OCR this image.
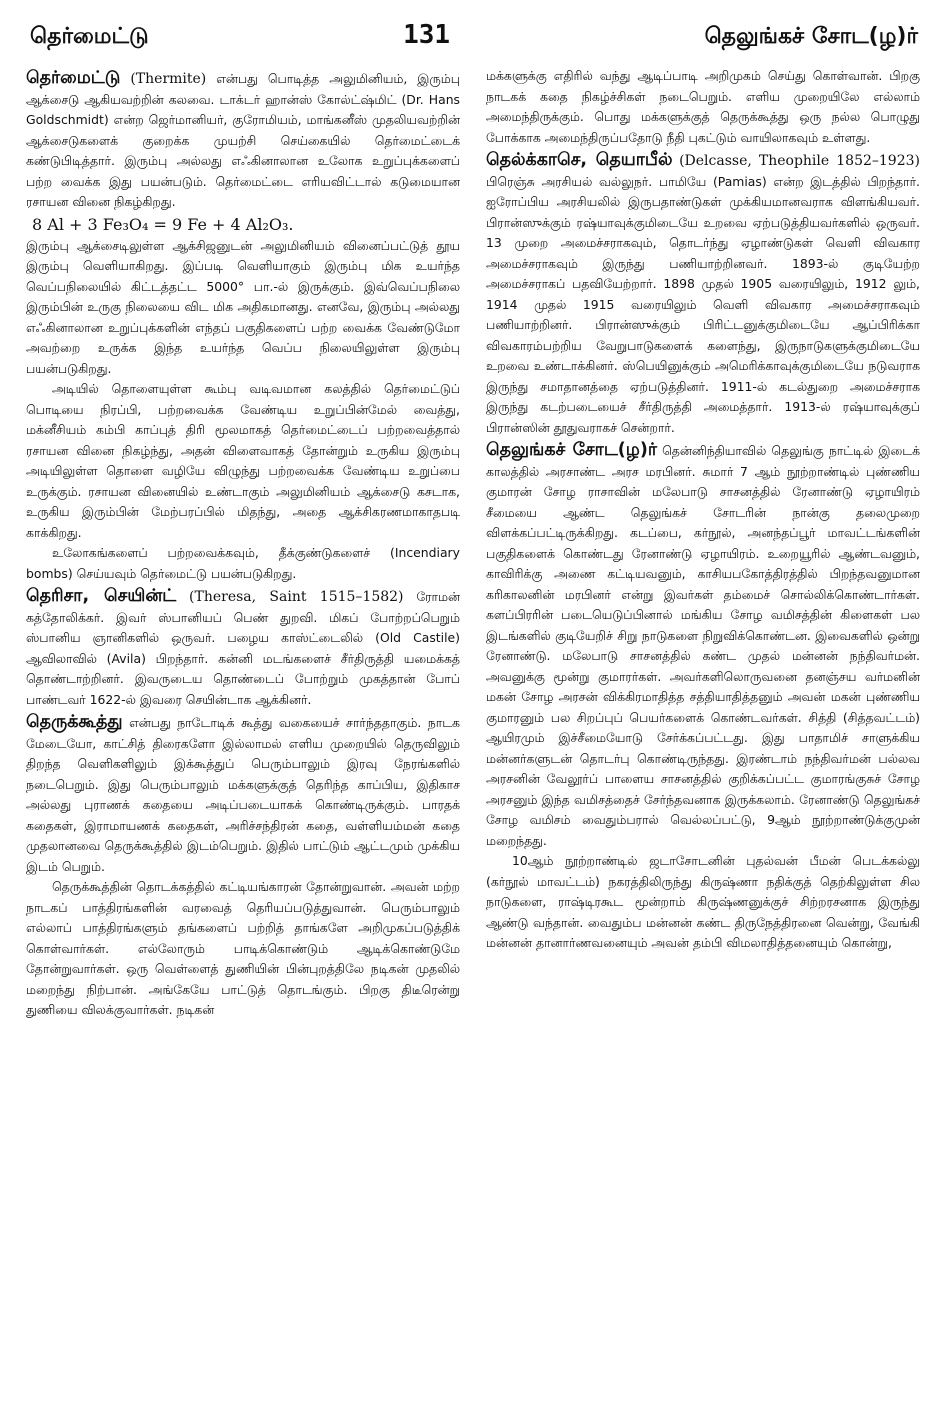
தெர்மைட்டு	131	தெலுங்கச் சோட(ழ)ர்

தெர்மைட்டு (Thermite) என்பது பொடித்த அலுமினியம், இரும்பு ஆக்சைடு ஆகியவற்றின் கலவை. டாக்டர் ஹான்ஸ் கோல்ட்ஷ்மிட் (Dr. Hans Goldschmidt) என்ற ஜெர்மானியர், குரோமியம், மாங்கனீஸ் முதலியவற்றின் ஆக்சைடுகளைக் குறைக்க முயற்சி செய்கையில் தெர்மைட்டைக் கண்டுபிடித்தார். இரும்பு அல்லது எஃகினாலான உலோக உறுப்புக்களைப் பற்ற வைக்க இது பயன்படும். தெர்மைட்டை எரியவிட்டால் கடுமையான ரசாயன வினை நிகழ்கிறது.

8 Al + 3 Fe₃O₄ = 9 Fe + 4 Al₂O₃.

இரும்பு ஆக்சைடிலுள்ள ஆக்சிஜனுடன் அலுமினியம் வினைப்பட்டுத் தூய இரும்பு வெளியாகிறது. இப்படி வெளியாகும் இரும்பு மிக உயர்ந்த வெப்பநிலையில் கிட்டத்தட்ட 5000° பா.-ல் இருக்கும். இவ்வெப்பநிலை இரும்பின் உருகு நிலையை விட மிக அதிகமானது. எனவே, இரும்பு அல்லது எஃகினாலான உறுப்புக்களின் எந்தப் பகுதிகளைப் பற்ற வைக்க வேண்டுமோ அவற்றை உருக்க இந்த உயர்ந்த வெப்ப நிலையிலுள்ள இரும்பு பயன்படுகிறது.

அடியில் தொளையுள்ள கூம்பு வடிவமான கலத்தில் தெர்மைட்டுப் பொடியை நிரப்பி, பற்றவைக்க வேண்டிய உறுப்பின்மேல் வைத்து, மக்னீசியம் கம்பி காப்புத் திரி மூலமாகத் தெர்மைட்டைப் பற்றவைத்தால் ரசாயன வினை நிகழ்ந்து, அதன் விளைவாகத் தோன்றும் உருகிய இரும்பு அடியிலுள்ள தொளை வழியே விழுந்து பற்றவைக்க வேண்டிய உறுப்பை உருக்கும். ரசாயன வினையில் உண்டாகும் அலுமினியம் ஆக்சைடு கசடாக, உருகிய இரும்பின் மேற்பரப்பில் மிதந்து, அதை ஆக்சிகரணமாகாதபடி காக்கிறது.

உலோகங்களைப் பற்றவைக்கவும், தீக்குண்டுகளைச் (Incendiary bombs) செய்யவும் தெர்மைட்டு பயன்படுகிறது.

தெரிசா, செயின்ட் (Theresa, Saint 1515–1582) ரோமன் கத்தோலிக்கர். இவர் ஸ்பானியப் பெண் துறவி. மிகப் போற்றப்பெறும் ஸ்பானிய ஞானிகளில் ஒருவர். பழைய காஸ்ட்டைலில் (Old Castile) ஆவிலாவில் (Avila) பிறந்தார். கன்னி மடங்களைச் சீர்திருத்தி யமைக்கத் தொண்டாற்றினர். இவருடைய தொண்டைப் போற்றும் முகத்தான் போப் பாண்டவர் 1622-ல் இவரை செயின்டாக ஆக்கினர்.

தெருக்கூத்து என்பது நாடோடிக் கூத்து வகையைச் சார்ந்ததாகும். நாடக மேடையோ, காட்சித் திரைகளோ இல்லாமல் எளிய முறையில் தெருவிலும் திறந்த வெளிகளிலும் இக்கூத்துப் பெரும்பாலும் இரவு நேரங்களில் நடைபெறும். இது பெரும்பாலும் மக்களுக்குத் தெரிந்த காப்பிய, இதிகாச அல்லது புராணக் கதையை அடிப்படையாகக் கொண்டிருக்கும். பாரதக் கதைகள், இராமாயணக் கதைகள், அரிச்சந்திரன் கதை, வள்ளியம்மன் கதை முதலானவை தெருக்கூத்தில் இடம்பெறும். இதில் பாட்டும் ஆட்டமும் முக்கிய இடம் பெறும்.

தெருக்கூத்தின் தொடக்கத்தில் கட்டியங்காரன் தோன்றுவான். அவன் மற்ற நாடகப் பாத்திரங்களின் வரவைத் தெரியப்படுத்துவான். பெரும்பாலும் எல்லாப் பாத்திரங்களும் தங்களைப் பற்றித் தாங்களே அறிமுகப்படுத்திக் கொள்வார்கள். எல்லோரும் பாடிக்கொண்டும் ஆடிக்கொண்டுமே தோன்றுவார்கள். ஒரு வெள்ளைத் துணியின் பின்புறத்திலே நடிகன் முதலில் மறைந்து நிற்பான். அங்கேயே பாட்டுத் தொடங்கும். பிறகு திடீரென்று துணியை விலக்குவார்கள். நடிகன்

மக்களுக்கு எதிரில் வந்து ஆடிப்பாடி அறிமுகம் செய்து கொள்வான். பிறகு நாடகக் கதை நிகழ்ச்சிகள் நடைபெறும். எளிய முறையிலே எல்லாம் அமைந்திருக்கும். பொது மக்களுக்குத் தெருக்கூத்து ஒரு நல்ல பொழுது போக்காக அமைந்திருப்பதோடு நீதி புகட்டும் வாயிலாகவும் உள்ளது.

தெல்க்காசெ, தெயாபீல் (Delcasse, Theophile 1852–1923) பிரெஞ்சு அரசியல் வல்லுநர். பாமியே (Pamias) என்ற இடத்தில் பிறந்தார். ஐரோப்பிய அரசியலில் இருபதாண்டுகள் முக்கியமானவராக விளங்கியவர். பிரான்ஸுக்கும் ரஷ்யாவுக்குமிடையே உறவை ஏற்படுத்தியவர்களில் ஒருவர். 13 முறை அமைச்சராகவும், தொடர்ந்து ஏழாண்டுகள் வெளி விவகார அமைச்சராகவும் இருந்து பணியாற்றினவர். 1893-ல் குடியேற்ற அமைச்சராகப் பதவியேற்றார். 1898 முதல் 1905 வரையிலும், 1912 லும், 1914 முதல் 1915 வரையிலும் வெளி விவகார அமைச்சராகவும் பணியாற்றினர். பிரான்ஸுக்கும் பிரிட்டனுக்குமிடையே ஆப்பிரிக்கா விவகாரம்பற்றிய வேறுபாடுகளைக் களைந்து, இருநாடுகளுக்குமிடையே உறவை உண்டாக்கினர். ஸ்பெயினுக்கும் அமெரிக்காவுக்குமிடையே நடுவராக இருந்து சமாதானத்தை ஏற்படுத்தினர். 1911-ல் கடல்துறை அமைச்சராக இருந்து கடற்படையைச் சீர்திருத்தி அமைத்தார். 1913-ல் ரஷ்யாவுக்குப் பிரான்ஸின் தூதுவராகச் சென்றார்.

தெலுங்கச் சோட(ழ)ர் தென்னிந்தியாவில் தெலுங்கு நாட்டில் இடைக் காலத்தில் அரசாண்ட அரச மரபினர். சுமார் 7 ஆம் நூற்றாண்டில் புண்ணிய குமாரன் சோழ ராசாவின் மலேபாடு சாசனத்தில் ரேனாண்டு ஏழாயிரம் சீமையை ஆண்ட தெலுங்கச் சோடரின் நான்கு தலைமுறை விளக்கப்பட்டிருக்கிறது. கடப்பை, கர்நூல், அனந்தப்பூர் மாவட்டங்களின் பகுதிகளைக் கொண்டது ரேனாண்டு ஏழாயிரம். உறையூரில் ஆண்டவனும், காவிரிக்கு அணை கட்டியவனும், காசியபகோத்திரத்தில் பிறந்தவனுமான கரிகாலனின் மரபினர் என்று இவர்கள் தம்மைச் சொல்லிக்கொண்டார்கள். களப்பிரரின் படையெடுப்பினால் மங்கிய சோழ வமிசத்தின் கிளைகள் பல இடங்களில் குடியேறிச் சிறு நாடுகளை நிறுவிக்கொண்டன. இவைகளில் ஒன்று ரேனாண்டு. மலேபாடு சாசனத்தில் கண்ட முதல் மன்னன் நந்திவர்மன். அவனுக்கு மூன்று குமாரர்கள். அவர்களிலொருவனை தனஞ்சய வர்மனின் மகன் சோழ அரசன் விக்கிரமாதித்த சத்தியாதித்தனும் அவன் மகன் புண்ணிய குமாரனும் பல சிறப்புப் பெயர்களைக் கொண்டவர்கள். சித்தி (சித்தவட்டம்) ஆயிரமும் இச்சீமையோடு சேர்க்கப்பட்டது. இது பாதாமிச் சாளுக்கிய மன்னர்களுடன் தொடர்பு கொண்டிருந்தது. இரண்டாம் நந்திவர்மன் பல்லவ அரசனின் வேலூர்ப் பாளைய சாசனத்தில் குறிக்கப்பட்ட குமாரங்குசுச் சோழ அரசனும் இந்த வமிசத்தைச் சேர்ந்தவனாக இருக்கலாம். ரேனாண்டு தெலுங்கச் சோழ வமிசம் வைதும்பரால் வெல்லப்பட்டு, 9ஆம் நூற்றாண்டுக்குமுன் மறைந்தது.

10ஆம் நூற்றாண்டில் ஜடாசோடனின் புதல்வன் பீமன் பெடக்கல்லு (கர்நூல் மாவட்டம்) நகரத்திலிருந்து கிருஷ்ணா நதிக்குத் தெற்கிலுள்ள சில நாடுகளை, ராஷ்டிரகூட மூன்றாம் கிருஷ்ணனுக்குச் சிற்றரசனாக இருந்து ஆண்டு வந்தான். வைதும்ப மன்னன் கண்ட திருநேத்திரனை வென்று, வேங்கி மன்னன் தானார்ணவனையும் அவன் தம்பி விமலாதித்தனையும் கொன்று,
